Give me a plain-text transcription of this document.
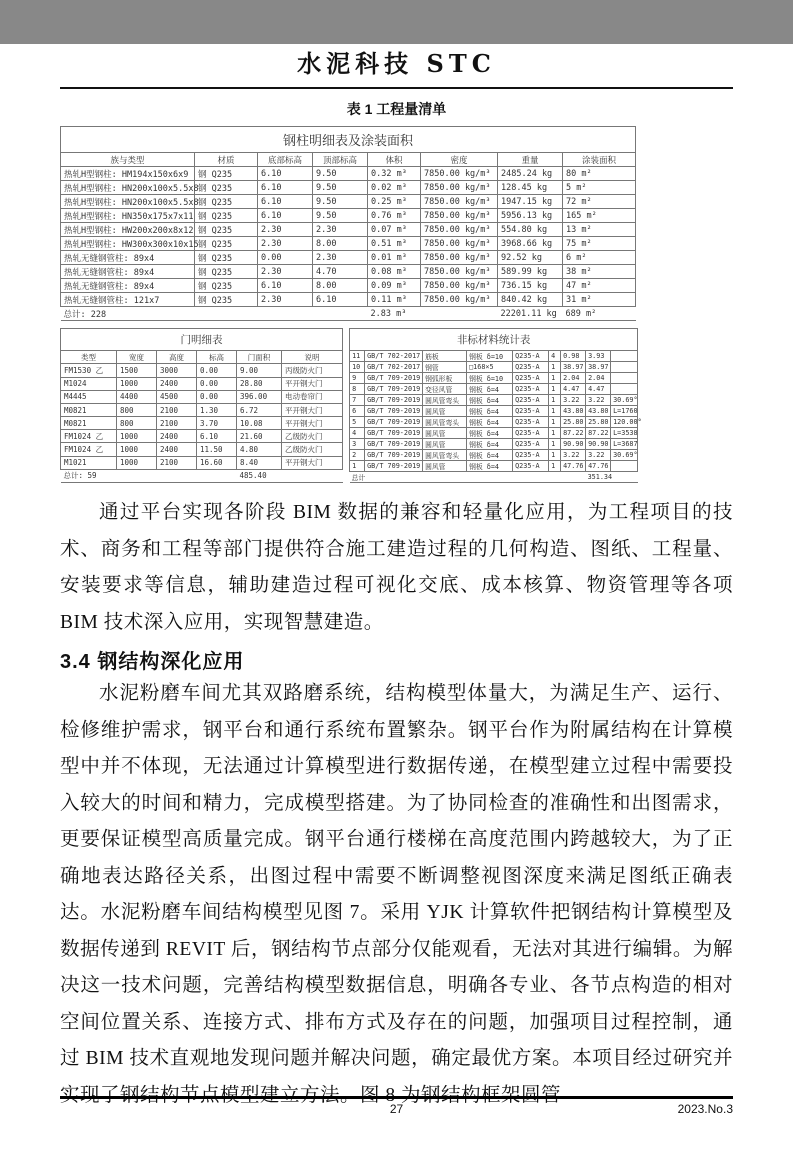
水泥科技 STC
表 1 工程量清单
钢柱明细表及涂装面积							
族与类型	材质	底部标高	顶部标高	体积	密度	重量	涂装面积
热轧H型钢柱: HM194x150x6x9	钢 Q235	6.10	9.50	0.32 m³	7850.00 kg/m³	2485.24 kg	80 m²
热轧H型钢柱: HN200x100x5.5x8	钢 Q235	6.10	9.50	0.02 m³	7850.00 kg/m³	128.45 kg	5 m²
热轧H型钢柱: HN200x100x5.5x8	钢 Q235	6.10	9.50	0.25 m³	7850.00 kg/m³	1947.15 kg	72 m²
热轧H型钢柱: HN350x175x7x11	钢 Q235	6.10	9.50	0.76 m³	7850.00 kg/m³	5956.13 kg	165 m²
热轧H型钢柱: HW200x200x8x12	钢 Q235	2.30	2.30	0.07 m³	7850.00 kg/m³	554.80 kg	13 m²
热轧H型钢柱: HW300x300x10x15	钢 Q235	2.30	8.00	0.51 m³	7850.00 kg/m³	3968.66 kg	75 m²
热轧无缝钢管柱: 89x4	钢 Q235	0.00	2.30	0.01 m³	7850.00 kg/m³	92.52 kg	6 m²
热轧无缝钢管柱: 89x4	钢 Q235	2.30	4.70	0.08 m³	7850.00 kg/m³	589.99 kg	38 m²
热轧无缝钢管柱: 89x4	钢 Q235	6.10	8.00	0.09 m³	7850.00 kg/m³	736.15 kg	47 m²
热轧无缝钢管柱: 121x7	钢 Q235	2.30	6.10	0.11 m³	7850.00 kg/m³	840.42 kg	31 m²
总计: 228				2.83 m³		22201.11 kg	689 m²
门明细表					
类型	宽度	高度	标高	门面积	说明
FM1530 乙	1500	3000	0.00	9.00	丙级防火门
M1024	1000	2400	0.00	28.80	平开钢大门
M4445	4400	4500	0.00	396.00	电动卷帘门
M0821	800	2100	1.30	6.72	平开钢大门
M0821	800	2100	3.70	10.08	平开钢大门
FM1024 乙	1000	2400	6.10	21.60	乙级防火门
FM1024 乙	1000	2400	11.50	4.80	乙级防火门
M1021	1000	2100	16.60	8.40	平开钢大门
总计: 59				485.40	
非标材料统计表								
11	GB/T 702-2017	筋板	钢板 δ=10	Q235-A	4	0.98	3.93	
10	GB/T 702-2017	钢管	□168×5	Q235-A	1	38.97	38.97	
9	GB/T 709-2019	钢弧形板	钢板 δ=10	Q235-A	1	2.04	2.04	
8	GB/T 709-2019	变径风管	钢板 δ=4	Q235-A	1	4.47	4.47	
7	GB/T 709-2019	圆风管弯头	钢板 δ=4	Q235-A	1	3.22	3.22	30.69°
6	GB/T 709-2019	圆风管	钢板 δ=4	Q235-A	1	43.80	43.80	L=1760
5	GB/T 709-2019	圆风管弯头	钢板 δ=4	Q235-A	1	25.80	25.80	120.00°
4	GB/T 709-2019	圆风管	钢板 δ=4	Q235-A	1	87.22	87.22	L=3538
3	GB/T 709-2019	圆风管	钢板 δ=4	Q235-A	1	90.90	90.90	L=3687
2	GB/T 709-2019	圆风管弯头	钢板 δ=4	Q235-A	1	3.22	3.22	30.69°
1	GB/T 709-2019	圆风管	钢板 δ=4	Q235-A	1	47.76	47.76	
总计							351.34	

通过平台实现各阶段 BIM 数据的兼容和轻量化应用，为工程项目的技术、商务和工程等部门提供符合施工建造过程的几何构造、图纸、工程量、安装要求等信息，辅助建造过程可视化交底、成本核算、物资管理等各项 BIM 技术深入应用，实现智慧建造。

3.4 钢结构深化应用

水泥粉磨车间尤其双路磨系统，结构模型体量大，为满足生产、运行、检修维护需求，钢平台和通行系统布置繁杂。钢平台作为附属结构在计算模型中并不体现，无法通过计算模型进行数据传递，在模型建立过程中需要投入较大的时间和精力，完成模型搭建。为了协同检查的准确性和出图需求，更要保证模型高质量完成。钢平台通行楼梯在高度范围内跨越较大，为了正确地表达路径关系，出图过程中需要不断调整视图深度来满足图纸正确表达。水泥粉磨车间结构模型见图 7。采用 YJK 计算软件把钢结构计算模型及数据传递到 REVIT 后，钢结构节点部分仅能观看，无法对其进行编辑。为解决这一技术问题，完善结构模型数据信息，明确各专业、各节点构造的相对空间位置关系、连接方式、排布方式及存在的问题，加强项目过程控制，通过 BIM 技术直观地发现问题并解决问题，确定最优方案。本项目经过研究并实现了钢结构节点模型建立方法。图 8 为钢结构框架圆管

27	2023.No.3
